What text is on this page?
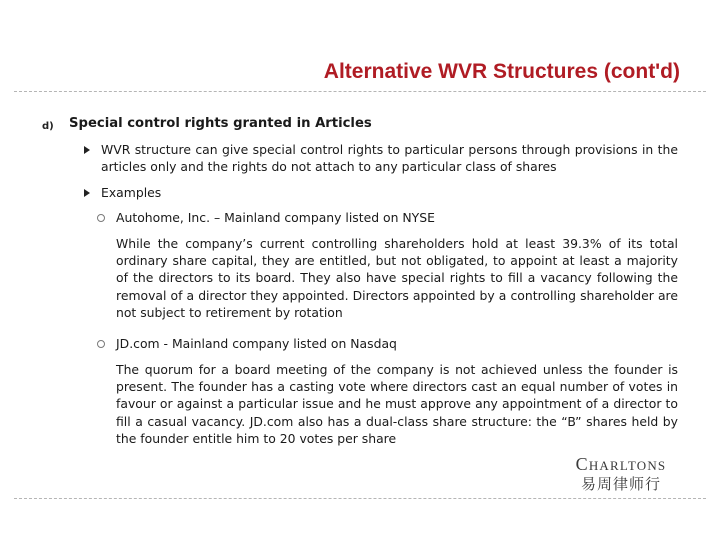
Alternative WVR Structures (cont'd)
d) Special control rights granted in Articles

WVR structure can give special control rights to particular persons through provisions in the articles only and the rights do not attach to any particular class of shares

Examples

Autohome, Inc. – Mainland company listed on NYSE

While the company’s current controlling shareholders hold at least 39.3% of its total ordinary share capital, they are entitled, but not obligated, to appoint at least a majority of the directors to its board. They also have special rights to fill a vacancy following the removal of a director they appointed. Directors appointed by a controlling shareholder are not subject to retirement by rotation

JD.com - Mainland company listed on Nasdaq

The quorum for a board meeting of the company is not achieved unless the founder is present. The founder has a casting vote where directors cast an equal number of votes in favour or against a particular issue and he must approve any appointment of a director to fill a casual vacancy. JD.com also has a dual-class share structure: the “B” shares held by the founder entitle him to 20 votes per share

Charltons
易周律师行
